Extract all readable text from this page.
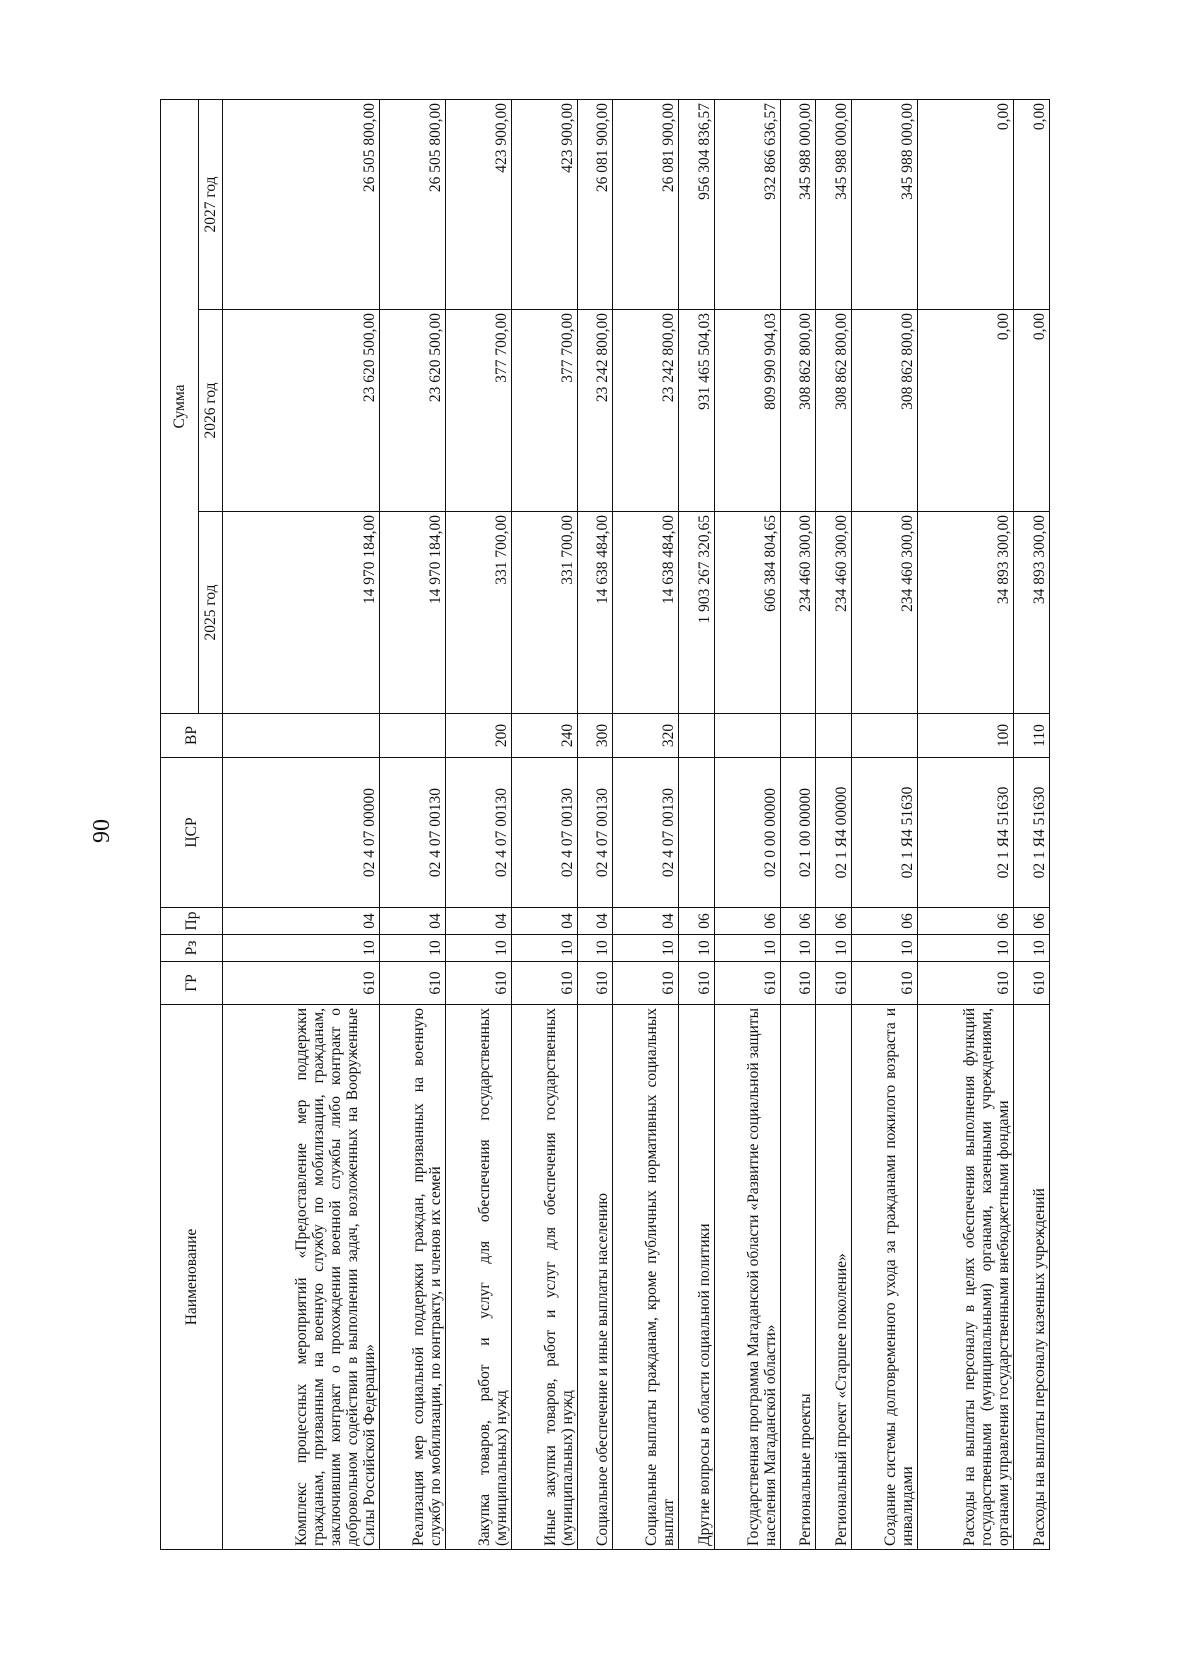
90
Наименование	ГР	Рз	Пр	ЦСР	ВР	Сумма		
						2025 год	2026 год	2027 год
Комплекс процессных мероприятий «Предоставление мер поддержки гражданам, призванным на военную службу по мобилизации, гражданам, заключившим контракт о прохождении военной службы либо контракт о добровольном содействии в выполнении задач, возложенных на Вооруженные Силы Российской Федерации»	610	10	04	02 4 07 00000		14 970 184,00	23 620 500,00	26 505 800,00
Реализация мер социальной поддержки граждан, призванных на военную службу по мобилизации, по контракту, и членов их семей	610	10	04	02 4 07 00130		14 970 184,00	23 620 500,00	26 505 800,00
Закупка товаров, работ и услуг для обеспечения государственных (муниципальных) нужд	610	10	04	02 4 07 00130	200	331 700,00	377 700,00	423 900,00
Иные закупки товаров, работ и услуг для обеспечения государственных (муниципальных) нужд	610	10	04	02 4 07 00130	240	331 700,00	377 700,00	423 900,00
Социальное обеспечение и иные выплаты населению	610	10	04	02 4 07 00130	300	14 638 484,00	23 242 800,00	26 081 900,00
Социальные выплаты гражданам, кроме публичных нормативных социальных выплат	610	10	04	02 4 07 00130	320	14 638 484,00	23 242 800,00	26 081 900,00
Другие вопросы в области социальной политики	610	10	06			1 903 267 320,65	931 465 504,03	956 304 836,57
Государственная программа Магаданской области «Развитие социальной защиты населения Магаданской области»	610	10	06	02 0 00 00000		606 384 804,65	809 990 904,03	932 866 636,57
Региональные проекты	610	10	06	02 1 00 00000		234 460 300,00	308 862 800,00	345 988 000,00
Региональный проект «Старшее поколение»	610	10	06	02 1 Я4 00000		234 460 300,00	308 862 800,00	345 988 000,00
Создание системы долговременного ухода за гражданами пожилого возраста и инвалидами	610	10	06	02 1 Я4 51630		234 460 300,00	308 862 800,00	345 988 000,00
Расходы на выплаты персоналу в целях обеспечения выполнения функций государственными (муниципальными) органами, казенными учреждениями, органами управления государственными внебюджетными фондами	610	10	06	02 1 Я4 51630	100	34 893 300,00	0,00	0,00
Расходы на выплаты персоналу казенных учреждений	610	10	06	02 1 Я4 51630	110	34 893 300,00	0,00	0,00
